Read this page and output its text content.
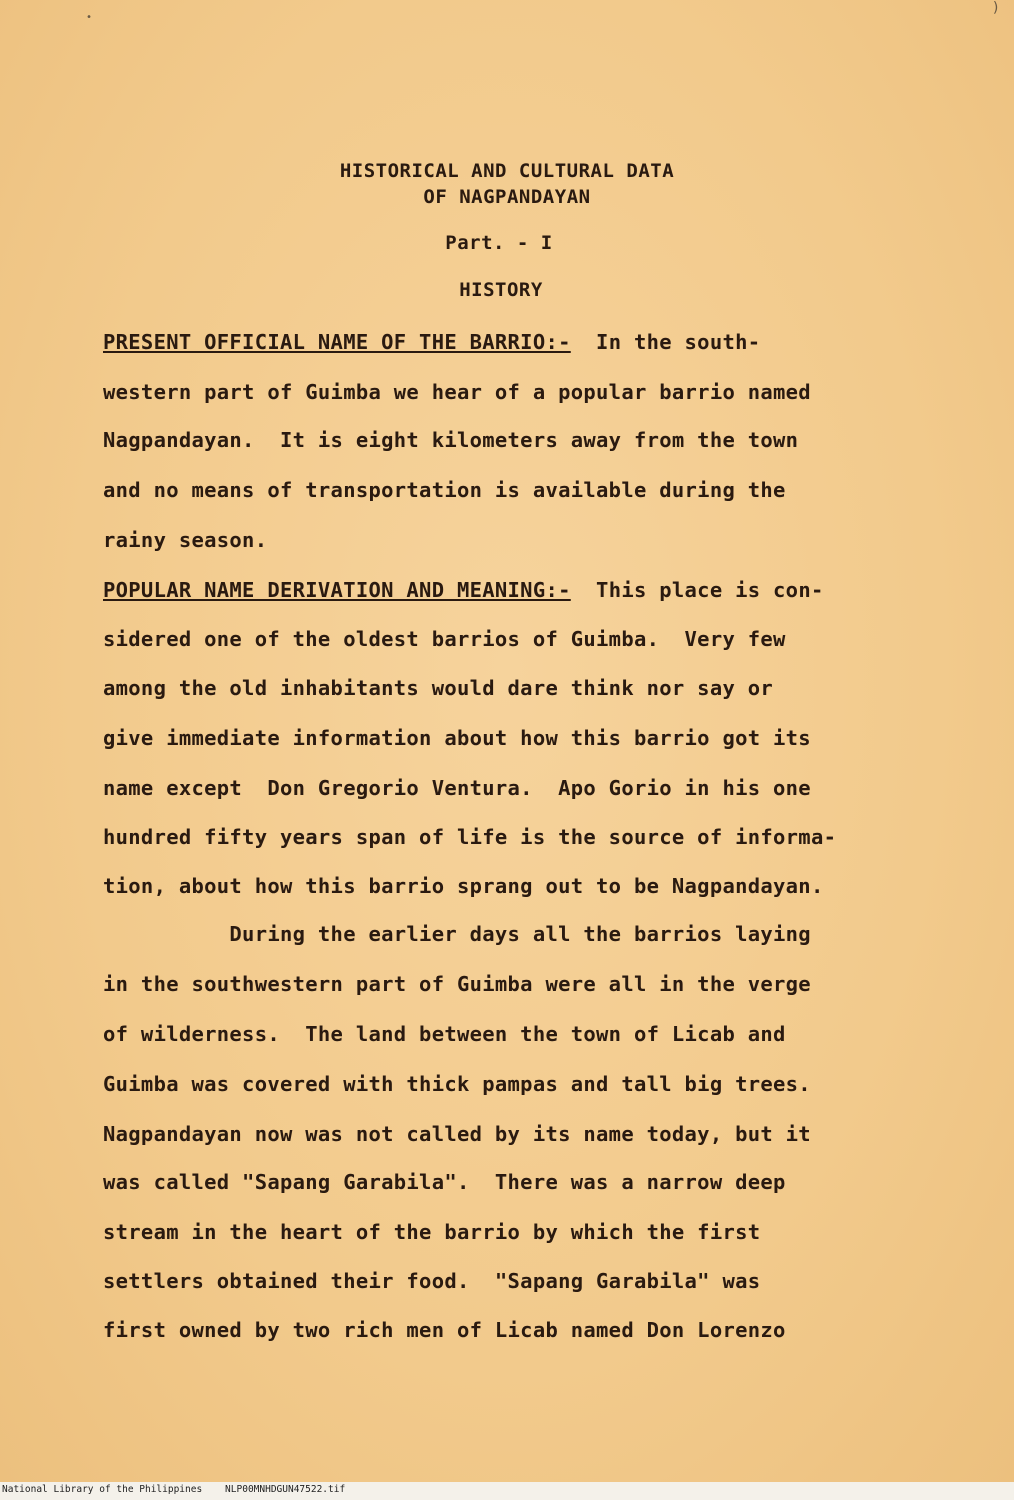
•
)
HISTORICAL AND CULTURAL DATA
OF NAGPANDAYAN
Part. - I
HISTORY
PRESENT OFFICIAL NAME OF THE BARRIO:-  In the south-
western part of Guimba we hear of a popular barrio named
Nagpandayan.  It is eight kilometers away from the town
and no means of transportation is available during the
rainy season.
POPULAR NAME DERIVATION AND MEANING:-  This place is con-
sidered one of the oldest barrios of Guimba.  Very few
among the old inhabitants would dare think nor say or
give immediate information about how this barrio got its
name except  Don Gregorio Ventura.  Apo Gorio in his one
hundred fifty years span of life is the source of informa-
tion, about how this barrio sprang out to be Nagpandayan.
During the earlier days all the barrios laying
in the southwestern part of Guimba were all in the verge
of wilderness.  The land between the town of Licab and
Guimba was covered with thick pampas and tall big trees.
Nagpandayan now was not called by its name today, but it
was called "Sapang Garabila".  There was a narrow deep
stream in the heart of the barrio by which the first
settlers obtained their food.  "Sapang Garabila" was
first owned by two rich men of Licab named Don Lorenzo
National Library of the Philippines    NLP00MNHDGUN47522.tif
